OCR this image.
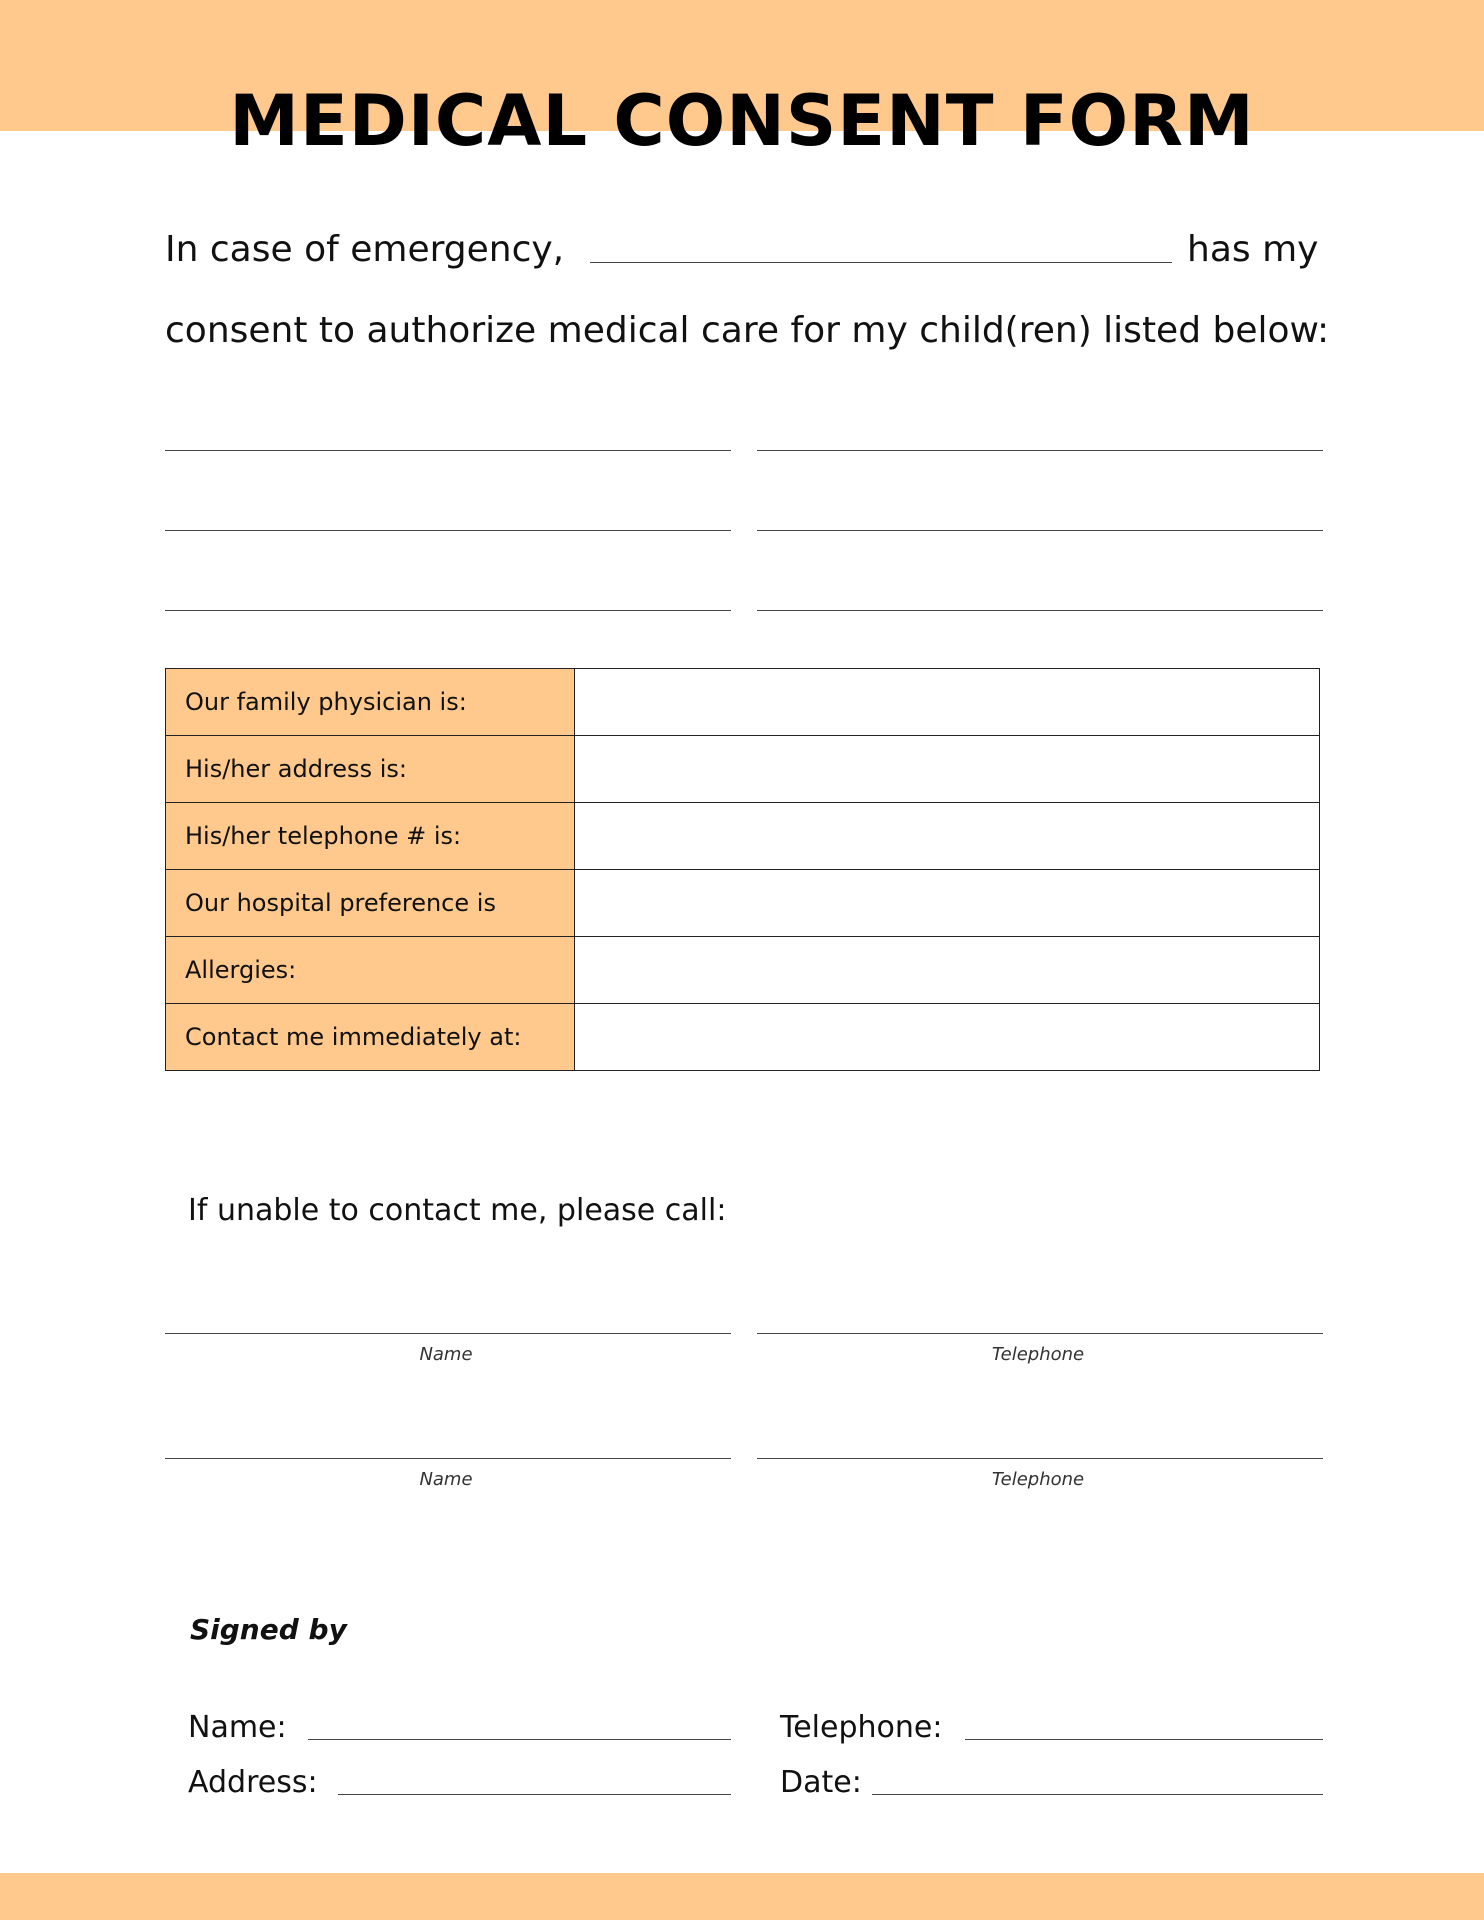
MEDICAL CONSENT FORM
In case of emergency,	has my
consent to authorize medical care for my child(ren) listed below:
Our family physician is:	
His/her address is:	
His/her telephone # is:	
Our hospital preference is	
Allergies:	
Contact me immediately at:	
If unable to contact me, please call:
Name	Telephone
Name	Telephone
Signed by
Name:	Telephone:
Address:	Date:
